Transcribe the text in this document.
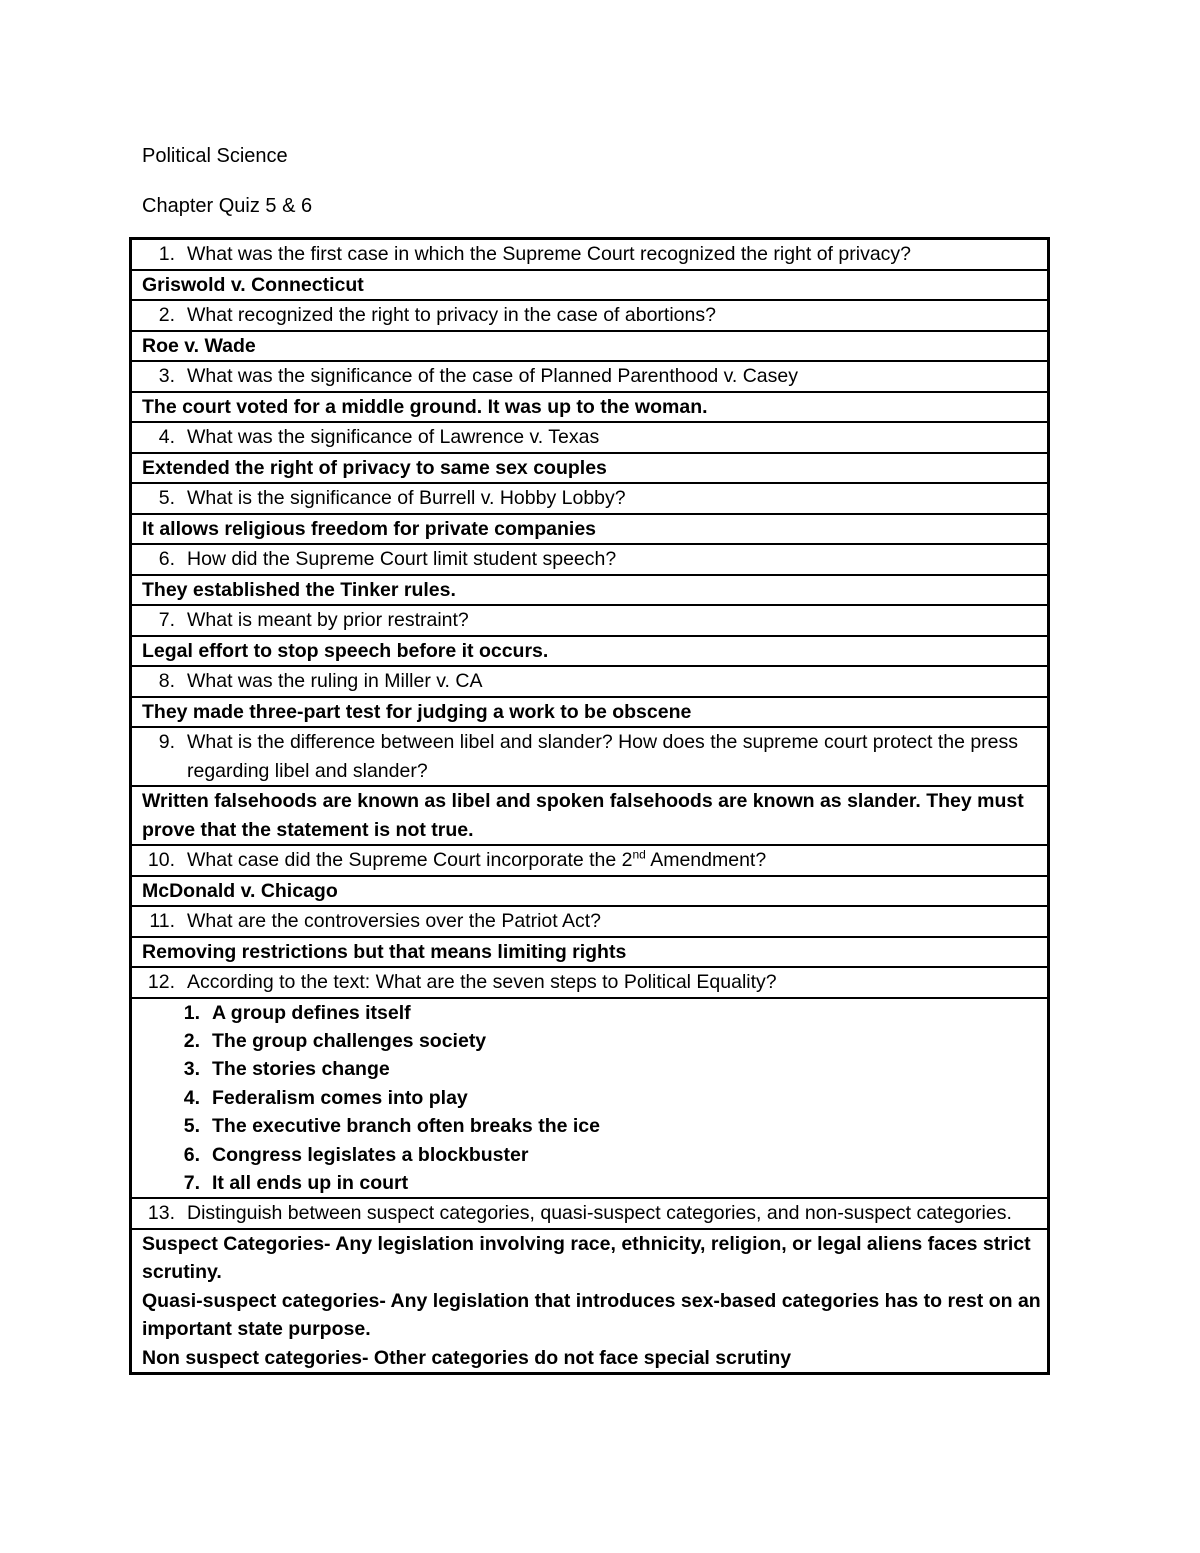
Political Science
Chapter Quiz 5 & 6
1. What was the first case in which the Supreme Court recognized the right of privacy?

Griswold v. Connecticut

2. What recognized the right to privacy in the case of abortions?

Roe v. Wade

3. What was the significance of the case of Planned Parenthood v. Casey

The court voted for a middle ground. It was up to the woman.

4. What was the significance of Lawrence v. Texas

Extended the right of privacy to same sex couples

5. What is the significance of Burrell v. Hobby Lobby?

It allows religious freedom for private companies

6. How did the Supreme Court limit student speech?

They established the Tinker rules.

7. What is meant by prior restraint?

Legal effort to stop speech before it occurs.

8. What was the ruling in Miller v. CA

They made three-part test for judging a work to be obscene

9. What is the difference between libel and slander? How does the supreme court protect the press regarding libel and slander?

Written falsehoods are known as libel and spoken falsehoods are known as slander. They must prove that the statement is not true.

10. What case did the Supreme Court incorporate the 2nd Amendment?

McDonald v. Chicago

11. What are the controversies over the Patriot Act?

Removing restrictions but that means limiting rights

12. According to the text: What are the seven steps to Political Equality?

1. A group defines itself
2. The group challenges society
3. The stories change
4. Federalism comes into play
5. The executive branch often breaks the ice
6. Congress legislates a blockbuster
7. It all ends up in court

13. Distinguish between suspect categories, quasi-suspect categories, and non-suspect categories.

Suspect Categories- Any legislation involving race, ethnicity, religion, or legal aliens faces strict scrutiny.
Quasi-suspect categories- Any legislation that introduces sex-based categories has to rest on an important state purpose.
Non suspect categories- Other categories do not face special scrutiny
